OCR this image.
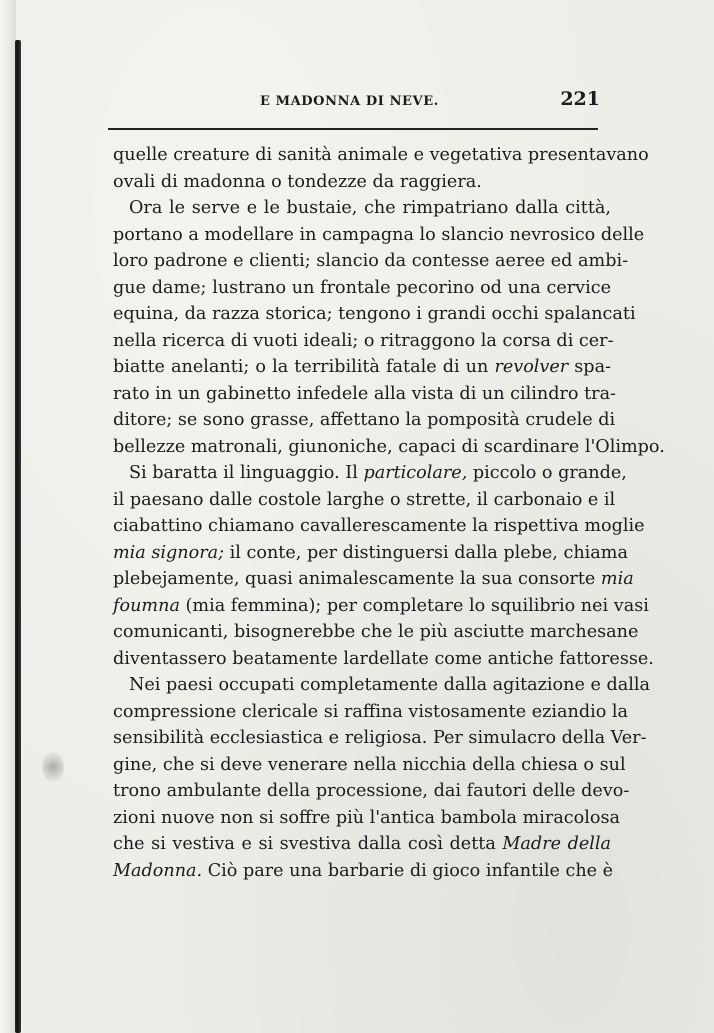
E MADONNA DI NEVE.	221
quelle creature di sanità animale e vegetativa presentavano
ovali di madonna o tondezze da raggiera.
Ora le serve e le bustaie, che rimpatriano dalla città,
portano a modellare in campagna lo slancio nevrosico delle
loro padrone e clienti; slancio da contesse aeree ed ambi-
gue dame; lustrano un frontale pecorino od una cervice
equina, da razza storica; tengono i grandi occhi spalancati
nella ricerca di vuoti ideali; o ritraggono la corsa di cer-
biatte anelanti; o la terribilità fatale di un revolver spa-
rato in un gabinetto infedele alla vista di un cilindro tra-
ditore; se sono grasse, affettano la pomposità crudele di
bellezze matronali, giunoniche, capaci di scardinare l'Olimpo.
Si baratta il linguaggio. Il particolare, piccolo o grande,
il paesano dalle costole larghe o strette, il carbonaio e il
ciabattino chiamano cavallerescamente la rispettiva moglie
mia signora; il conte, per distinguersi dalla plebe, chiama
plebejamente, quasi animalescamente la sua consorte mia
foumna (mia femmina); per completare lo squilibrio nei vasi
comunicanti, bisognerebbe che le più asciutte marchesane
diventassero beatamente lardellate come antiche fattoresse.
Nei paesi occupati completamente dalla agitazione e dalla
compressione clericale si raffina vistosamente eziandio la
sensibilità ecclesiastica e religiosa. Per simulacro della Ver-
gine, che si deve venerare nella nicchia della chiesa o sul
trono ambulante della processione, dai fautori delle devo-
zioni nuove non si soffre più l'antica bambola miracolosa
che si vestiva e si svestiva dalla così detta Madre della
Madonna. Ciò pare una barbarie di gioco infantile che è
